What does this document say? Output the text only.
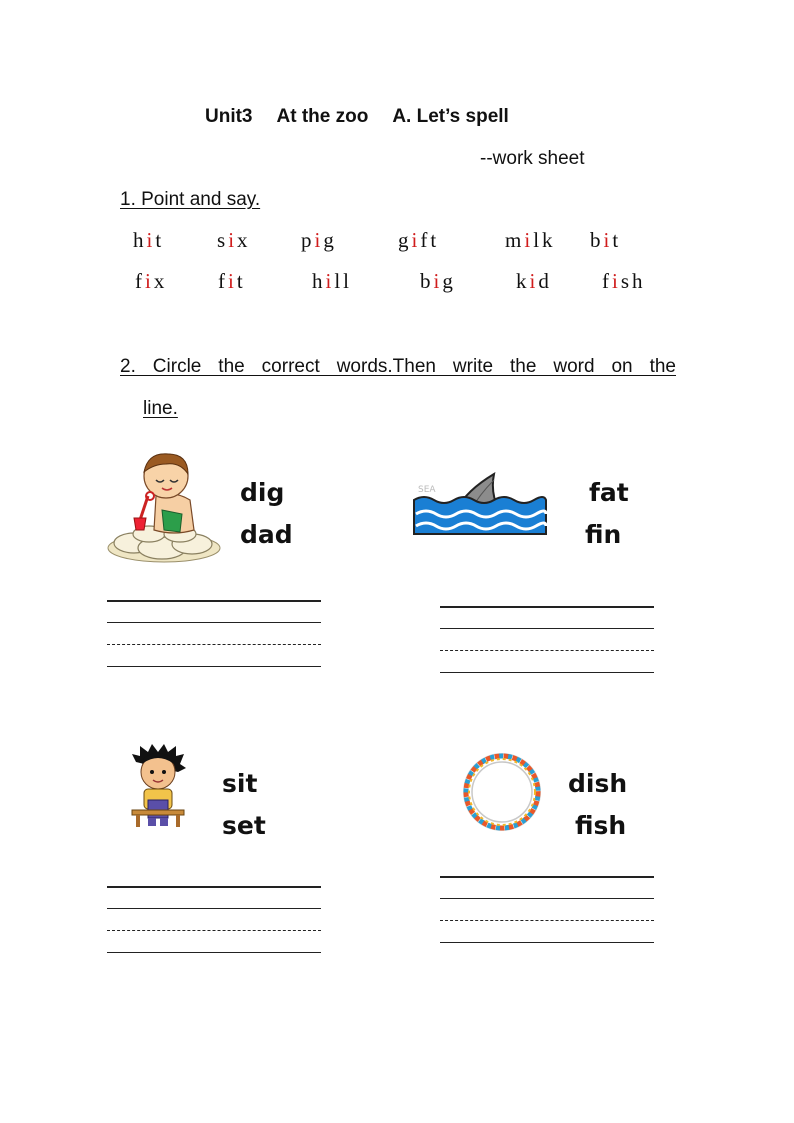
Unit3 At the zoo A. Let’s spell
--work sheet
1. Point and say.
hit	six pig	gift	milk bit
fix fit	hill	big	kid fish
2. Circle the correct words.Then write the word on the
line.
dig
dad
SEA	fat
fin
sit
set
dish
fish
